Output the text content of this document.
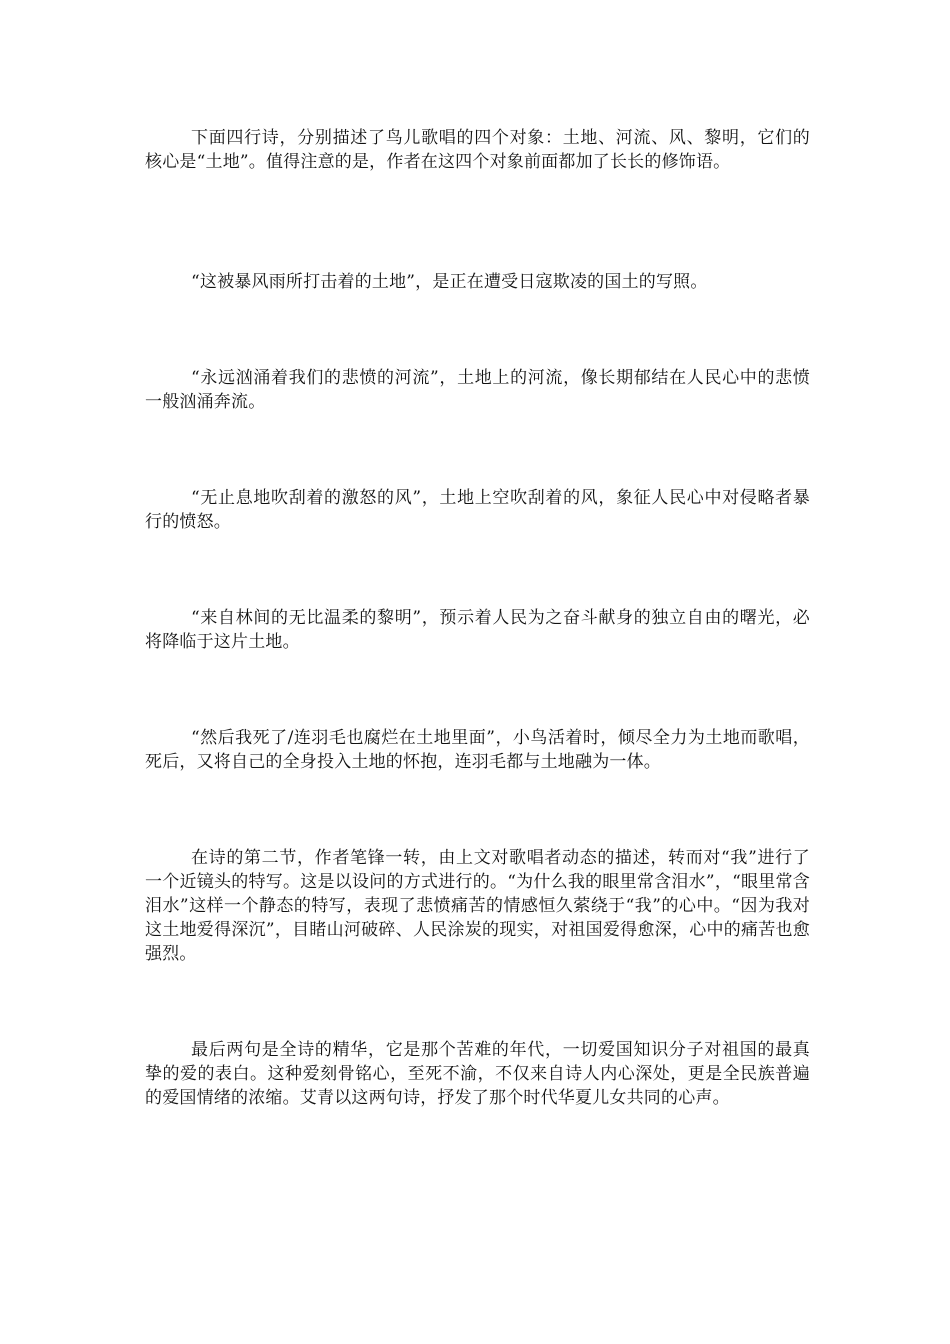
下面四行诗，分别描述了鸟儿歌唱的四个对象：土地、河流、风、黎明，它们的核心是“土地”。值得注意的是，作者在这四个对象前面都加了长长的修饰语。

“这被暴风雨所打击着的土地”，是正在遭受日寇欺凌的国土的写照。

“永远汹涌着我们的悲愤的河流”，土地上的河流，像长期郁结在人民心中的悲愤一般汹涌奔流。

“无止息地吹刮着的激怒的风”，土地上空吹刮着的风，象征人民心中对侵略者暴行的愤怒。

“来自林间的无比温柔的黎明”，预示着人民为之奋斗献身的独立自由的曙光，必将降临于这片土地。

“然后我死了/连羽毛也腐烂在土地里面”，小鸟活着时，倾尽全力为土地而歌唱，死后，又将自己的全身投入土地的怀抱，连羽毛都与土地融为一体。

在诗的第二节，作者笔锋一转，由上文对歌唱者动态的描述，转而对“我”进行了一个近镜头的特写。这是以设问的方式进行的。“为什么我的眼里常含泪水”，“眼里常含泪水”这样一个静态的特写，表现了悲愤痛苦的情感恒久萦绕于“我”的心中。“因为我对这土地爱得深沉”，目睹山河破碎、人民涂炭的现实，对祖国爱得愈深，心中的痛苦也愈强烈。

最后两句是全诗的精华，它是那个苦难的年代，一切爱国知识分子对祖国的最真挚的爱的表白。这种爱刻骨铭心，至死不渝，不仅来自诗人内心深处，更是全民族普遍的爱国情绪的浓缩。艾青以这两句诗，抒发了那个时代华夏儿女共同的心声。
